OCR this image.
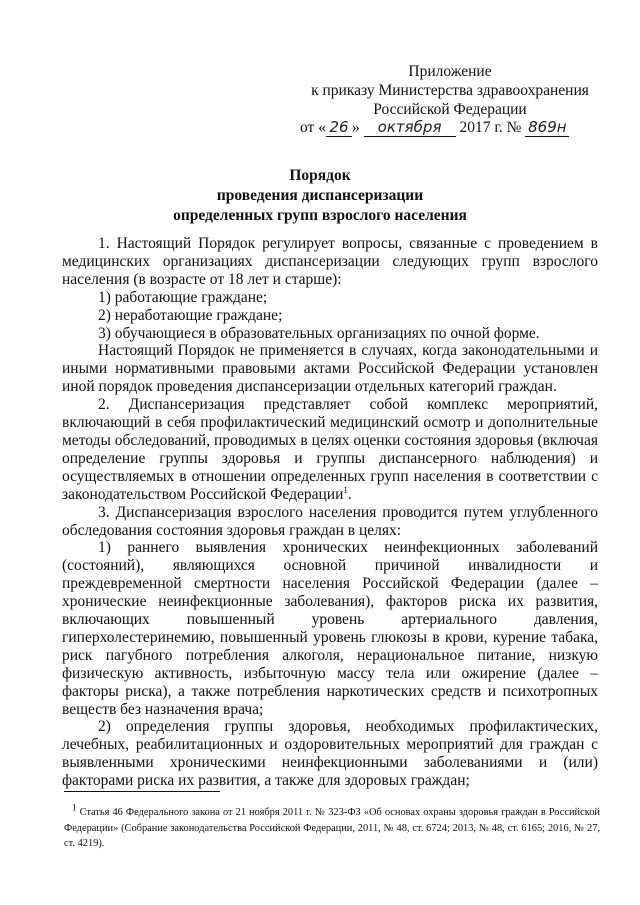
Приложение
к приказу Министерства здравоохранения
Российской Федерации
от « 26 » октября 2017 г. № 869н
Порядок
проведения диспансеризации
определенных групп взрослого населения

1. Настоящий Порядок регулирует вопросы, связанные с проведением в медицинских организациях диспансеризации следующих групп взрослого населения (в возрасте от 18 лет и старше):

1) работающие граждане;

2) неработающие граждане;

3) обучающиеся в образовательных организациях по очной форме.

Настоящий Порядок не применяется в случаях, когда законодательными и иными нормативными правовыми актами Российской Федерации установлен иной порядок проведения диспансеризации отдельных категорий граждан.

2. Диспансеризация представляет собой комплекс мероприятий, включающий в себя профилактический медицинский осмотр и дополнительные методы обследований, проводимых в целях оценки состояния здоровья (включая определение группы здоровья и группы диспансерного наблюдения) и осуществляемых в отношении определенных групп населения в соответствии с законодательством Российской Федерации$^1$.

3. Диспансеризация взрослого населения проводится путем углубленного обследования состояния здоровья граждан в целях:

1) раннего выявления хронических неинфекционных заболеваний (состояний), являющихся основной причиной инвалидности и преждевременной смертности населения Российской Федерации (далее – хронические неинфекционные заболевания), факторов риска их развития, включающих повышенный уровень артериального давления, гиперхолестеринемию, повышенный уровень глюкозы в крови, курение табака, риск пагубного потребления алкоголя, нерациональное питание, низкую физическую активность, избыточную массу тела или ожирение (далее – факторы риска), а также потребления наркотических средств и психотропных веществ без назначения врача;

2) определения группы здоровья, необходимых профилактических, лечебных, реабилитационных и оздоровительных мероприятий для граждан с выявленными хроническими неинфекционными заболеваниями и (или) факторами риска их развития, а также для здоровых граждан;

$^1$ Статья 46 Федерального закона от 21 ноября 2011 г. № 323-ФЗ «Об основах охраны здоровья граждан в Российской Федерации» (Собрание законодательства Российской Федерации, 2011, № 48, ст. 6724; 2013, № 48, ст. 6165; 2016, № 27, ст. 4219).
